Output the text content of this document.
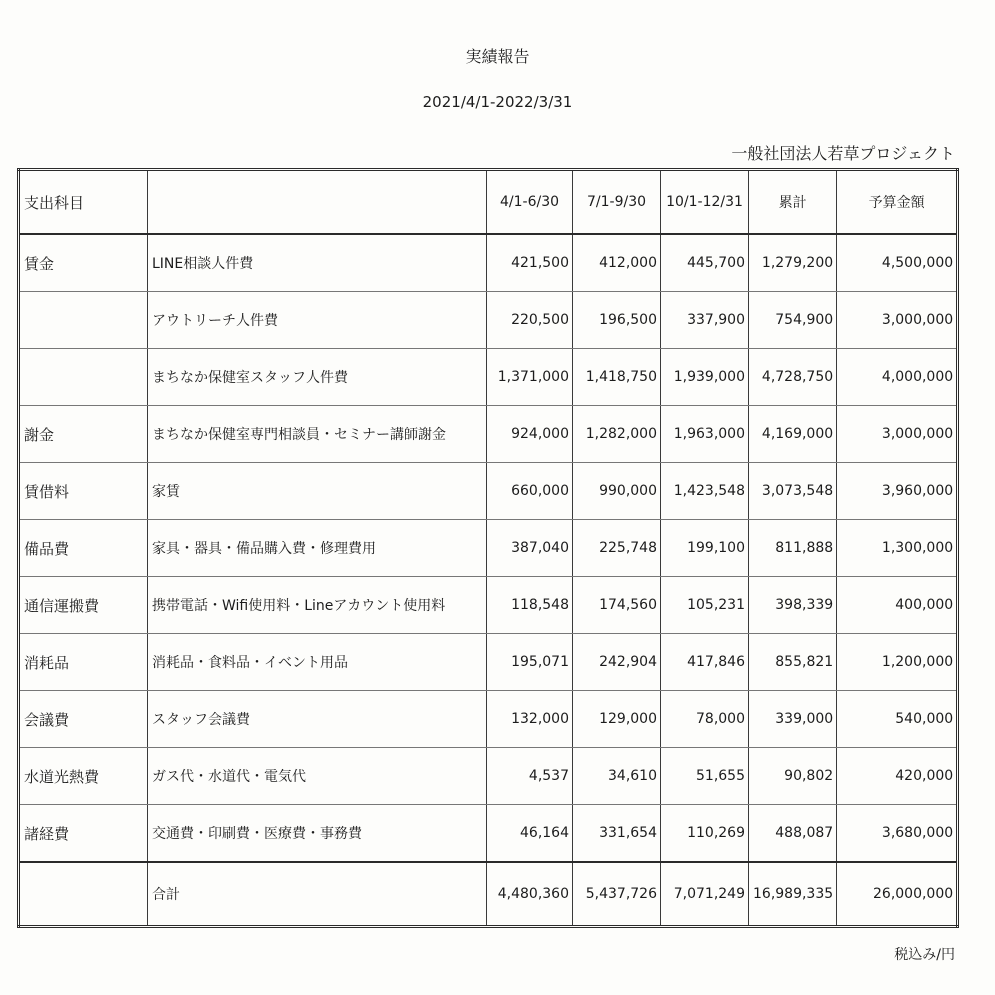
実績報告
2021/4/1-2022/3/31
一般社団法人若草プロジェクト
支出科目		4/1-6/30	7/1-9/30	10/1-12/31	累計	予算金額
賃金	LINE相談人件費	421,500	412,000	445,700	1,279,200	4,500,000
	アウトリーチ人件費	220,500	196,500	337,900	754,900	3,000,000
	まちなか保健室スタッフ人件費	1,371,000	1,418,750	1,939,000	4,728,750	4,000,000
謝金	まちなか保健室専門相談員・セミナー講師謝金	924,000	1,282,000	1,963,000	4,169,000	3,000,000
賃借料	家賃	660,000	990,000	1,423,548	3,073,548	3,960,000
備品費	家具・器具・備品購入費・修理費用	387,040	225,748	199,100	811,888	1,300,000
通信運搬費	携帯電話・Wifi使用料・Lineアカウント使用料	118,548	174,560	105,231	398,339	400,000
消耗品	消耗品・食料品・イベント用品	195,071	242,904	417,846	855,821	1,200,000
会議費	スタッフ会議費	132,000	129,000	78,000	339,000	540,000
水道光熱費	ガス代・水道代・電気代	4,537	34,610	51,655	90,802	420,000
諸経費	交通費・印刷費・医療費・事務費	46,164	331,654	110,269	488,087	3,680,000
	合計	4,480,360	5,437,726	7,071,249	16,989,335	26,000,000
税込み/円
